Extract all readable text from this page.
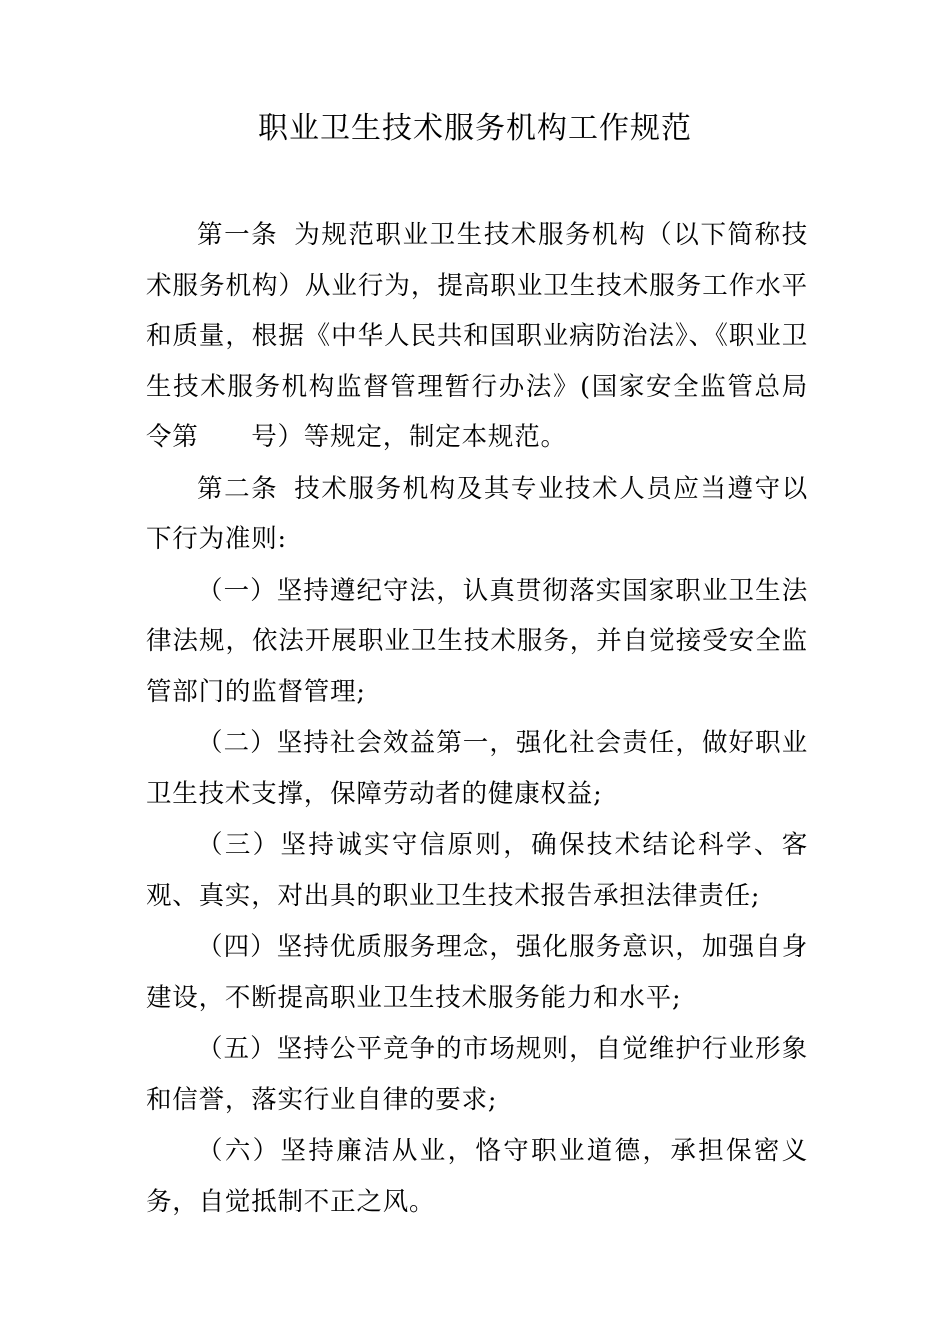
职业卫生技术服务机构工作规范

第一条 为规范职业卫生技术服务机构（以下简称技术服务机构）从业行为，提高职业卫生技术服务工作水平和质量，根据《中华人民共和国职业病防治法》、《职业卫生技术服务机构监督管理暂行办法》(国家安全监管总局令第　　号）等规定，制定本规范。

第二条 技术服务机构及其专业技术人员应当遵守以下行为准则:

（一）坚持遵纪守法，认真贯彻落实国家职业卫生法律法规，依法开展职业卫生技术服务，并自觉接受安全监管部门的监督管理;

（二）坚持社会效益第一，强化社会责任，做好职业卫生技术支撑，保障劳动者的健康权益;

（三）坚持诚实守信原则，确保技术结论科学、客观、真实，对出具的职业卫生技术报告承担法律责任;

（四）坚持优质服务理念，强化服务意识，加强自身建设，不断提高职业卫生技术服务能力和水平;

（五）坚持公平竞争的市场规则，自觉维护行业形象和信誉，落实行业自律的要求;

（六）坚持廉洁从业，恪守职业道德，承担保密义务，自觉抵制不正之风。
